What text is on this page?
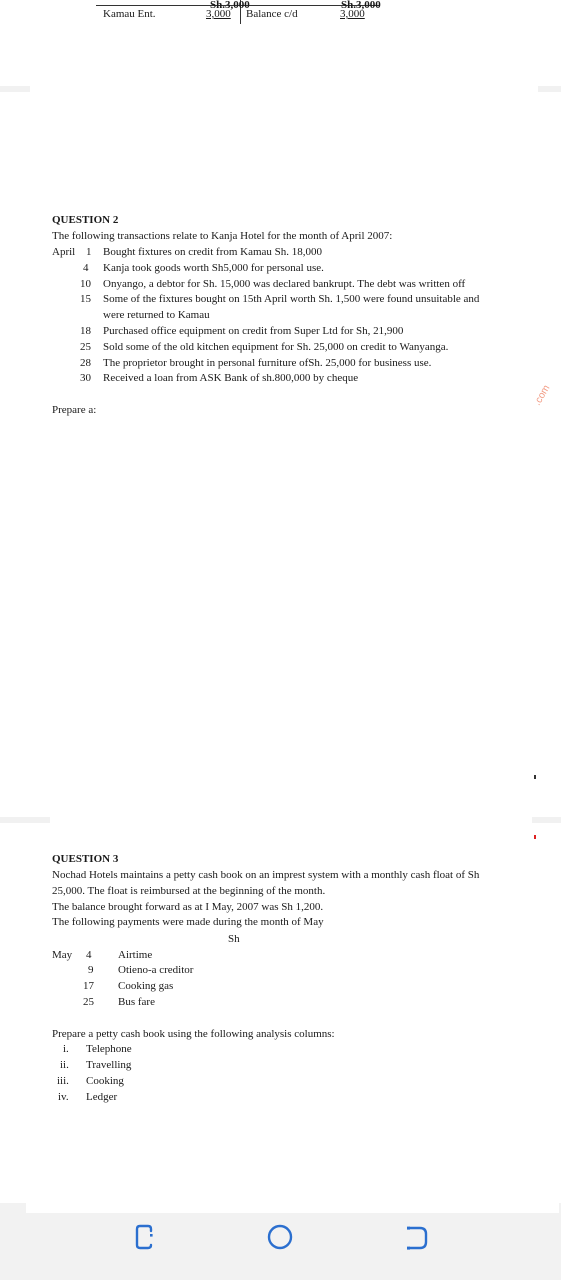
Sh.3,000	Sh.3,000
Kamau Ent.	3,000 Balance c/d	3,000
QUESTION 2
The following transactions relate to Kanja Hotel for the month of April 2007:
April 1 Bought fixtures on credit from Kamau Sh. 18,000
4 Kanja took goods worth Sh5,000 for personal use.
10 Onyango, a debtor for Sh. 15,000 was declared bankrupt. The debt was written off
15 Some of the fixtures bought on 15th April worth Sh. 1,500 were found unsuitable and
were returned to Kamau
18 Purchased office equipment on credit from Super Ltd for Sh, 21,900
25 Sold some of the old kitchen equipment for Sh. 25,000 on credit to Wanyanga.
28 The proprietor brought in personal furniture ofSh. 25,000 for business use.
30 Received a loan from ASK Bank of sh.800,000 by cheque
Prepare a:
.com
QUESTION 3
Nochad Hotels maintains a petty cash book on an imprest system with a monthly cash float of Sh
25,000. The float is reimbursed at the beginning of the month.
The balance brought forward as at I May, 2007 was Sh 1,200.
The following payments were made during the month of May
Sh
May 4 Airtime
9 Otieno-a creditor
17 Cooking gas
25 Bus fare
Prepare a petty cash book using the following analysis columns:
i. Telephone
ii. Travelling
iii. Cooking
iv. Ledger
